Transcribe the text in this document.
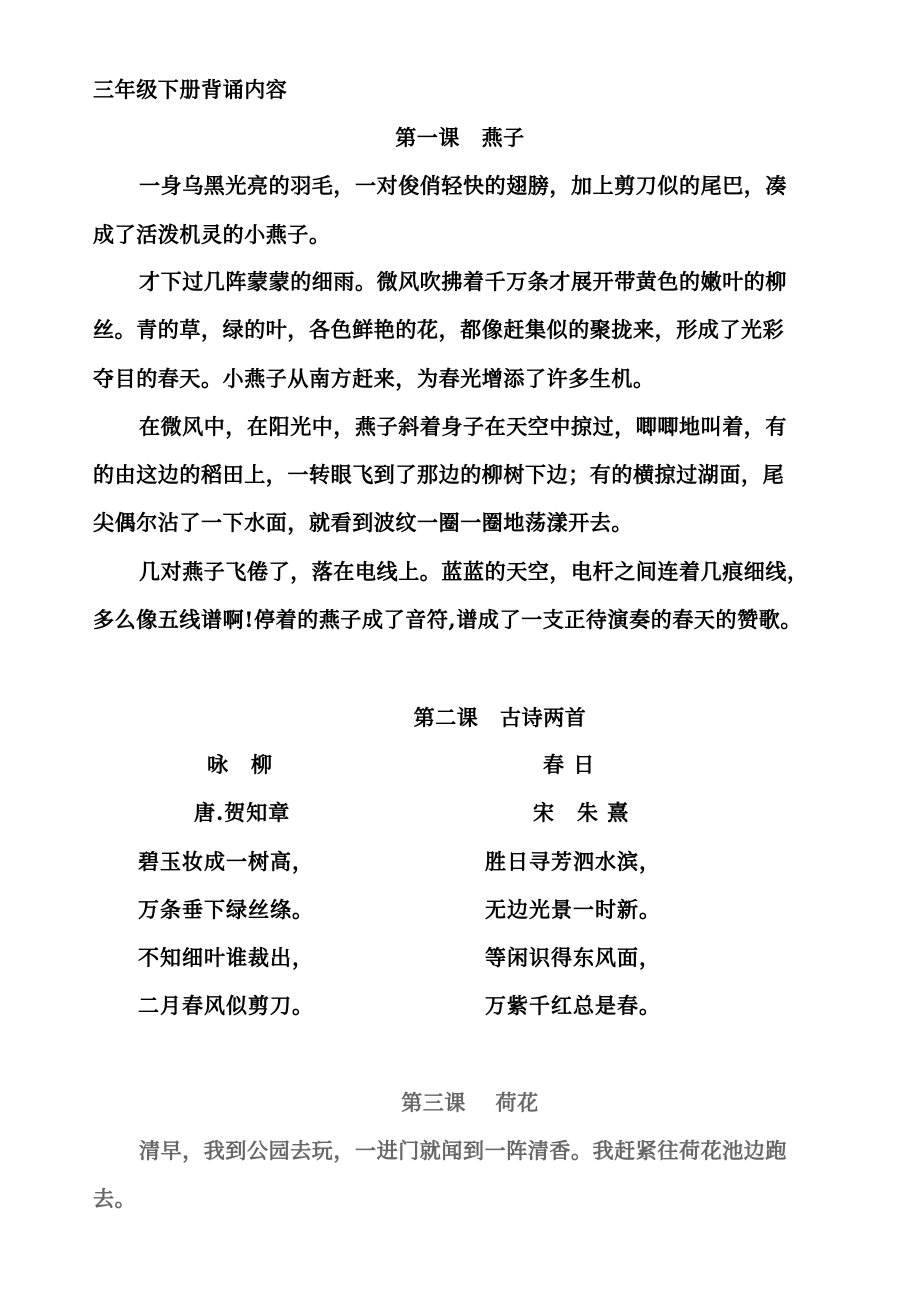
三年级下册背诵内容
第一课　燕子
一身乌黑光亮的羽毛，一对俊俏轻快的翅膀，加上剪刀似的尾巴，凑
成了活泼机灵的小燕子。
才下过几阵蒙蒙的细雨。微风吹拂着千万条才展开带黄色的嫩叶的柳
丝。青的草，绿的叶，各色鲜艳的花，都像赶集似的聚拢来，形成了光彩
夺目的春天。小燕子从南方赶来，为春光增添了许多生机。
在微风中，在阳光中，燕子斜着身子在天空中掠过，唧唧地叫着，有
的由这边的稻田上，一转眼飞到了那边的柳树下边；有的横掠过湖面，尾
尖偶尔沾了一下水面，就看到波纹一圈一圈地荡漾开去。
几对燕子飞倦了，落在电线上。蓝蓝的天空，电杆之间连着几痕细线，
多么像五线谱啊!停着的燕子成了音符,谱成了一支正待演奏的春天的赞歌。
第二课　古诗两首
咏　柳
唐.贺知章
碧玉妆成一树高，
万条垂下绿丝绦。
不知细叶谁裁出，
二月春风似剪刀。
春 日
宋　朱 熹
胜日寻芳泗水滨，
无边光景一时新。
等闲识得东风面，
万紫千红总是春。
第三课　 荷花
清早，我到公园去玩，一进门就闻到一阵清香。我赶紧往荷花池边跑
去。
